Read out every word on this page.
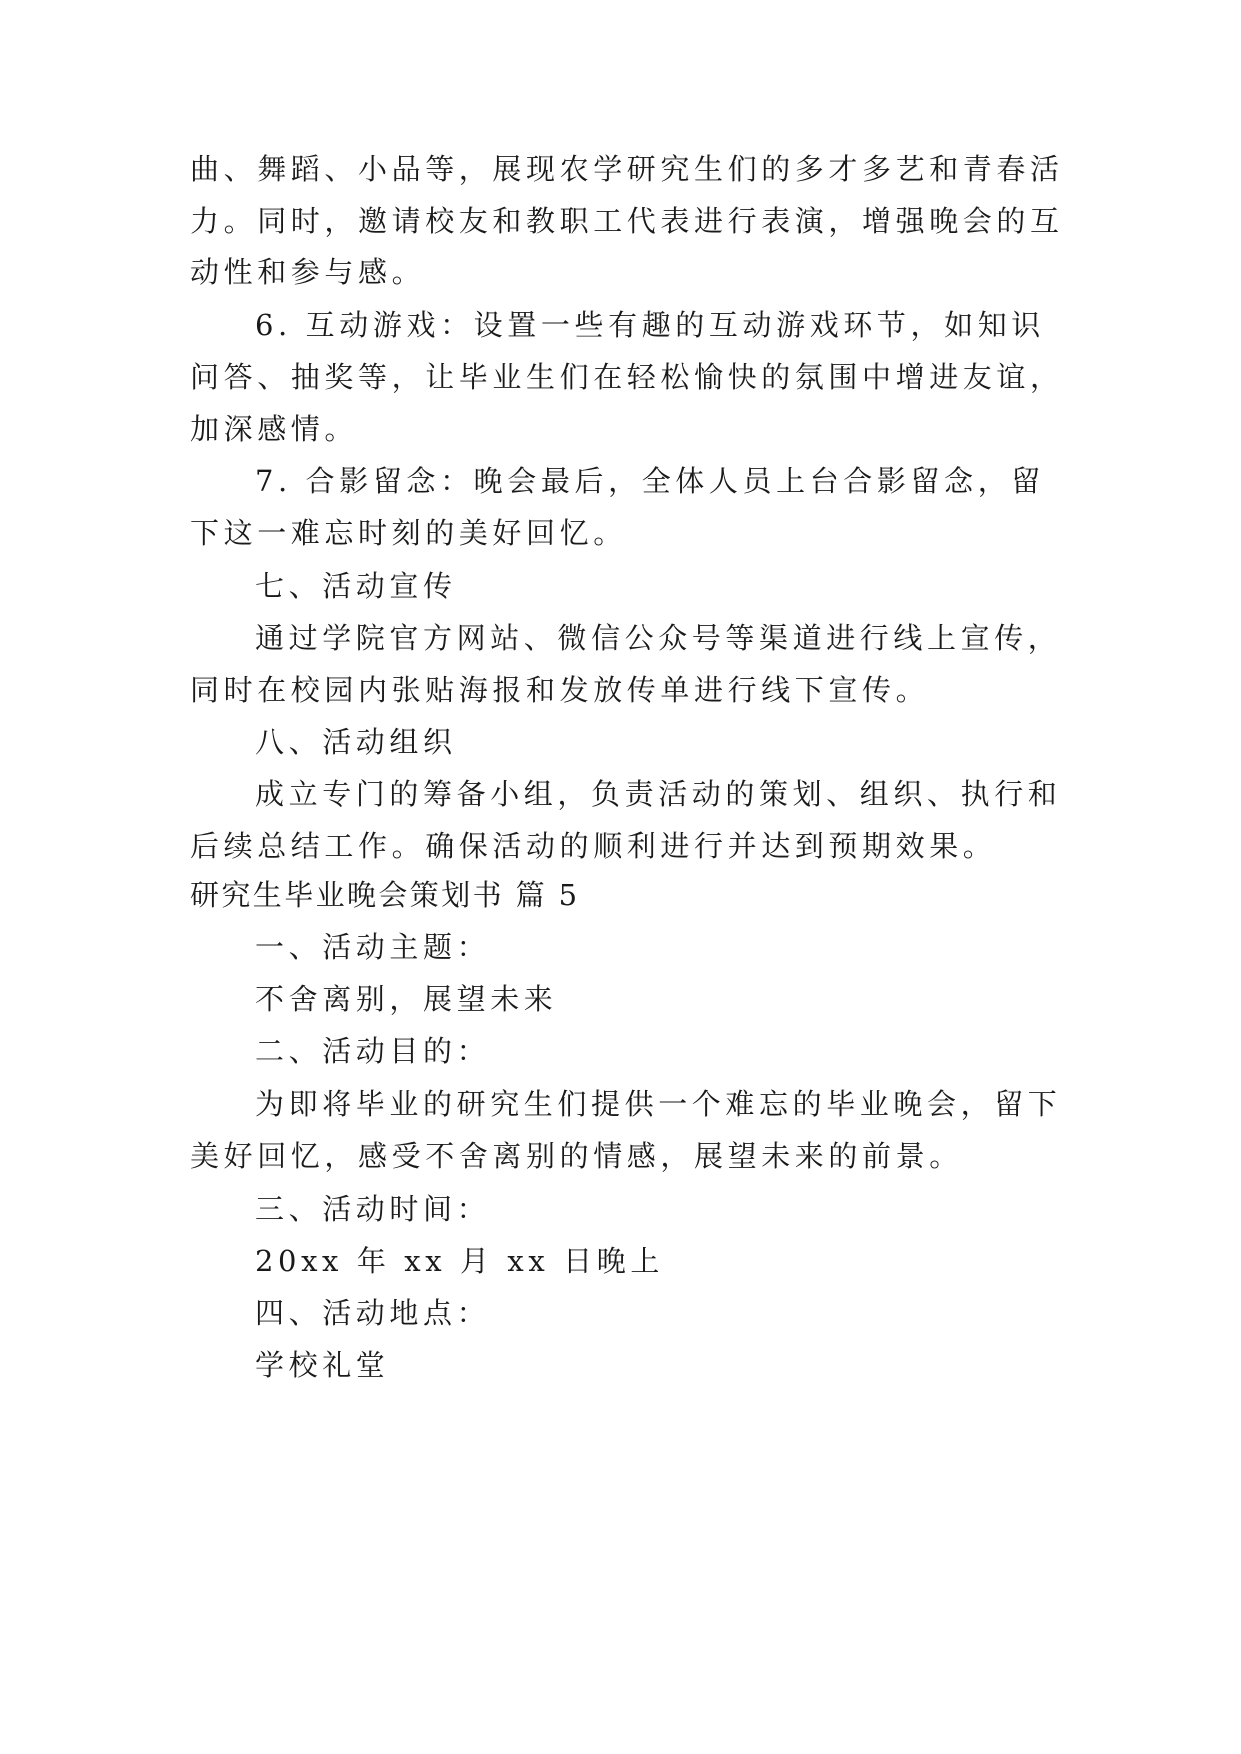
曲、舞蹈、小品等，展现农学研究生们的多才多艺和青春活

力。同时，邀请校友和教职工代表进行表演，增强晚会的互

动性和参与感。

6. 互动游戏：设置一些有趣的互动游戏环节，如知识

问答、抽奖等，让毕业生们在轻松愉快的氛围中增进友谊，

加深感情。

7. 合影留念：晚会最后，全体人员上台合影留念，留

下这一难忘时刻的美好回忆。

七、活动宣传

通过学院官方网站、微信公众号等渠道进行线上宣传，

同时在校园内张贴海报和发放传单进行线下宣传。

八、活动组织

成立专门的筹备小组，负责活动的策划、组织、执行和

后续总结工作。确保活动的顺利进行并达到预期效果。

研究生毕业晚会策划书 篇 5

一、活动主题：

不舍离别，展望未来

二、活动目的：

为即将毕业的研究生们提供一个难忘的毕业晚会，留下

美好回忆，感受不舍离别的情感，展望未来的前景。

三、活动时间：

20xx 年 xx 月 xx 日晚上

四、活动地点：

学校礼堂
